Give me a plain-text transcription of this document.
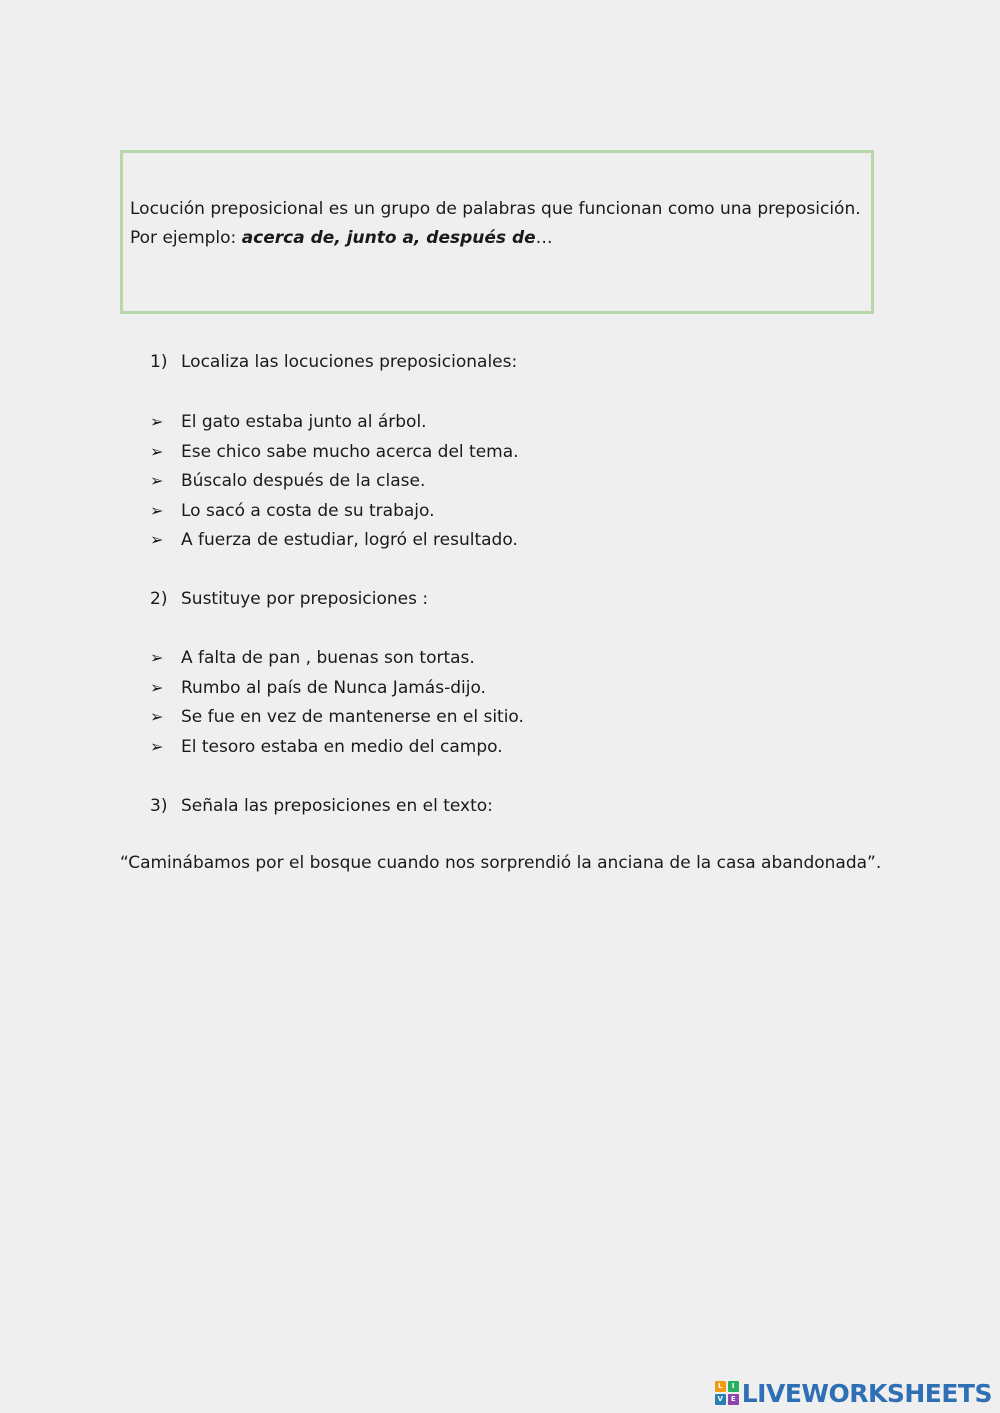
Locución preposicional es un grupo de palabras que funcionan como una preposición.
Por ejemplo: acerca de, junto a, después de…

1) Localiza las locuciones preposicionales:

➢ El gato estaba junto al árbol.
➢ Ese chico sabe mucho acerca del tema.
➢ Búscalo después de la clase.
➢ Lo sacó a costa de su trabajo.
➢ A fuerza de estudiar, logró el resultado.

2) Sustituye por preposiciones :

➢ A falta de pan , buenas son tortas.
➢ Rumbo al país de Nunca Jamás-dijo.
➢ Se fue en vez de mantenerse en el sitio.
➢ El tesoro estaba en medio del campo.

3) Señala las preposiciones en el texto:

“Caminábamos por el bosque cuando nos sorprendió la anciana de la casa abandonada”.

L	I
V	E LIVEWORKSHEETS
